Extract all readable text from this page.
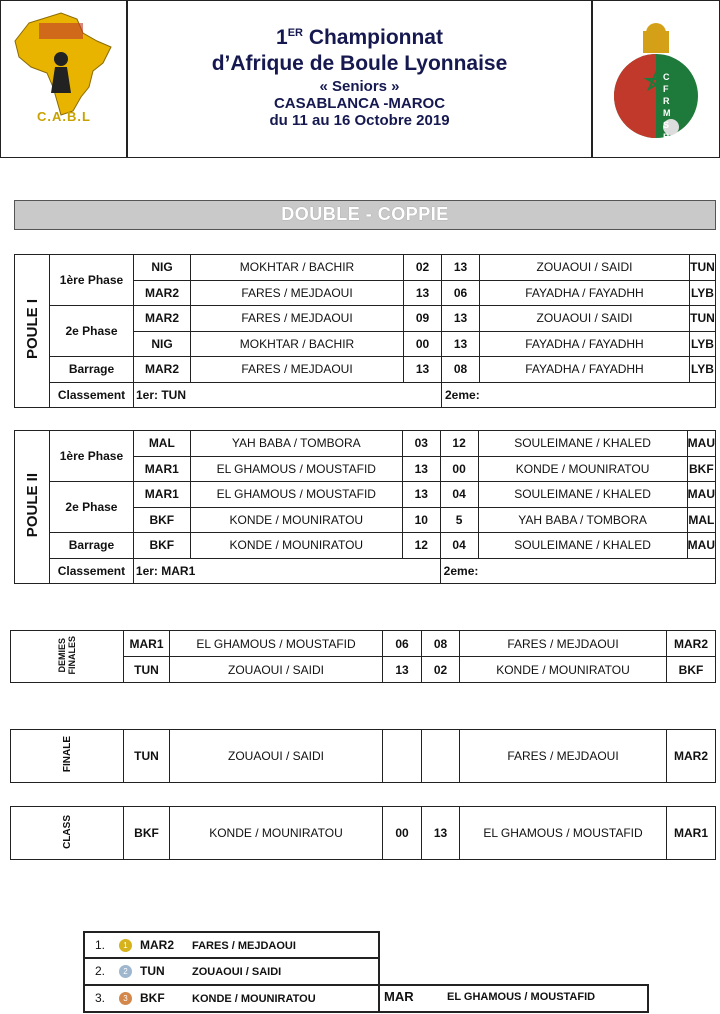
C.A.B.L
1ER Championnat
d’Afrique de Boule Lyonnaise
« Seniors »
CASABLANCA -MAROC
du 11 au 16 Octobre 2019
C F R M S B S
DOUBLE - COPPIE
POULE I	1ère Phase	NIG	MOKHTAR / BACHIR	02	13	ZOUAOUI / SAIDI	TUN
		MAR2	FARES / MEJDAOUI	13	06	FAYADHA / FAYADHH	LYB
	2e Phase	MAR2	FARES / MEJDAOUI	09	13	ZOUAOUI / SAIDI	TUN
		NIG	MOKHTAR / BACHIR	00	13	FAYADHA / FAYADHH	LYB
	Barrage	MAR2	FARES / MEJDAOUI	13	08	FAYADHA / FAYADHH	LYB
	Classement	1er: TUN			2eme:		
POULE II	1ère Phase	MAL	YAH BABA / TOMBORA	03	12	SOULEIMANE / KHALED	MAU
		MAR1	EL GHAMOUS / MOUSTAFID	13	00	KONDE / MOUNIRATOU	BKF
	2e Phase	MAR1	EL GHAMOUS / MOUSTAFID	13	04	SOULEIMANE / KHALED	MAU
		BKF	KONDE / MOUNIRATOU	10	5	YAH BABA / TOMBORA	MAL
	Barrage	BKF	KONDE / MOUNIRATOU	12	04	SOULEIMANE / KHALED	MAU
	Classement	1er: MAR1			2eme:		
DEMIES
FINALES	MAR1	EL GHAMOUS / MOUSTAFID	06	08	FARES / MEJDAOUI	MAR2
	TUN	ZOUAOUI / SAIDI	13	02	KONDE / MOUNIRATOU	BKF
FINALE	TUN	ZOUAOUI / SAIDI			FARES / MEJDAOUI	MAR2
CLASS	BKF	KONDE / MOUNIRATOU	00	13	EL GHAMOUS / MOUSTAFID	MAR1
1. 1 MAR2 FARES / MEJDAOUI
2. 2 TUN ZOUAOUI / SAIDI
3. 3 BKF KONDE / MOUNIRATOU	MAR	EL GHAMOUS / MOUSTAFID
